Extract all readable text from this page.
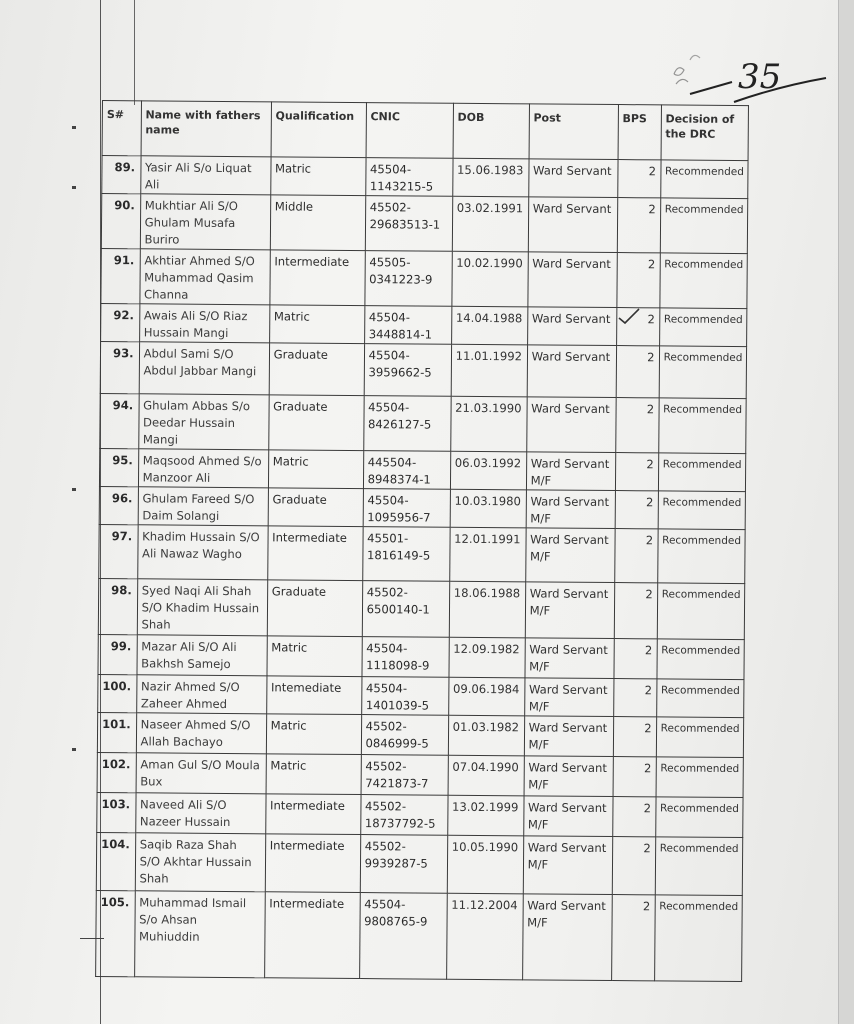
35
S#	Name with fathers name	Qualification	CNIC	DOB	Post	BPS	Decision of the DRC
89.	Yasir Ali S/o Liquat Ali	Matric	45504-1143215-5	15.06.1983	Ward Servant	2	Recommended
90.	Mukhtiar Ali S/O Ghulam Musafa Buriro	Middle	45502-29683513-1	03.02.1991	Ward Servant	2	Recommended
91.	Akhtiar Ahmed S/O Muhammad Qasim Channa	Intermediate	45505-0341223-9	10.02.1990	Ward Servant	2	Recommended
92.	Awais Ali S/O Riaz Hussain Mangi	Matric	45504-3448814-1	14.04.1988	Ward Servant	2	Recommended
93.	Abdul Sami S/O Abdul Jabbar Mangi	Graduate	45504-3959662-5	11.01.1992	Ward Servant	2	Recommended
94.	Ghulam Abbas S/o Deedar Hussain Mangi	Graduate	45504-8426127-5	21.03.1990	Ward Servant	2	Recommended
95.	Maqsood Ahmed S/o Manzoor Ali	Matric	445504-8948374-1	06.03.1992	Ward Servant M/F	2	Recommended
96.	Ghulam Fareed S/O Daim Solangi	Graduate	45504-1095956-7	10.03.1980	Ward Servant M/F	2	Recommended
97.	Khadim Hussain S/O Ali Nawaz Wagho	Intermediate	45501-1816149-5	12.01.1991	Ward Servant M/F	2	Recommended
98.	Syed Naqi Ali Shah S/O Khadim Hussain Shah	Graduate	45502-6500140-1	18.06.1988	Ward Servant M/F	2	Recommended
99.	Mazar Ali S/O Ali Bakhsh Samejo	Matric	45504-1118098-9	12.09.1982	Ward Servant M/F	2	Recommended
100.	Nazir Ahmed S/O Zaheer Ahmed	Intemediate	45504-1401039-5	09.06.1984	Ward Servant M/F	2	Recommended
101.	Naseer Ahmed S/O Allah Bachayo	Matric	45502-0846999-5	01.03.1982	Ward Servant M/F	2	Recommended
102.	Aman Gul S/O Moula Bux	Matric	45502-7421873-7	07.04.1990	Ward Servant M/F	2	Recommended
103.	Naveed Ali S/O Nazeer Hussain	Intermediate	45502-18737792-5	13.02.1999	Ward Servant M/F	2	Recommended
104.	Saqib Raza Shah S/O Akhtar Hussain Shah	Intermediate	45502-9939287-5	10.05.1990	Ward Servant M/F	2	Recommended
105.	Muhammad Ismail S/o Ahsan Muhiuddin	Intermediate	45504-9808765-9	11.12.2004	Ward Servant M/F	2	Recommended
